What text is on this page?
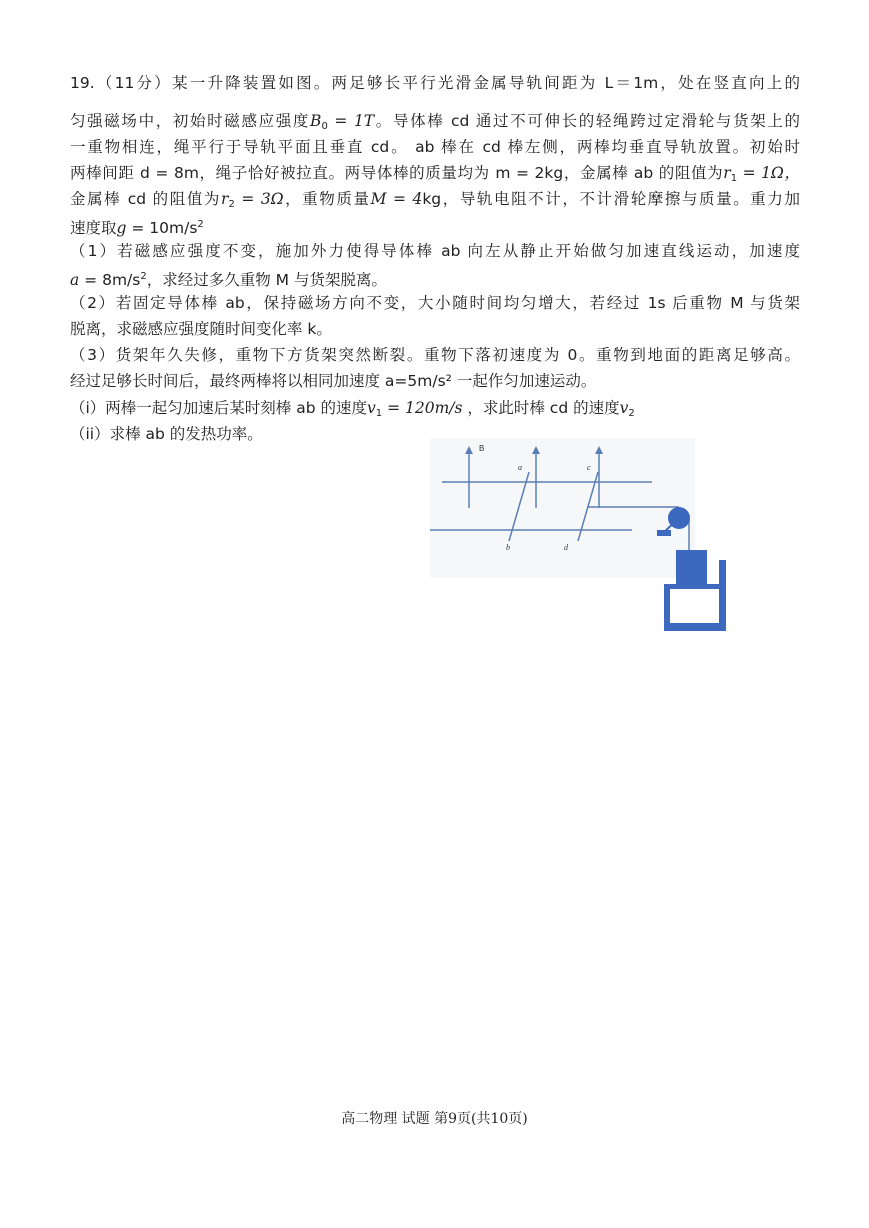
19.（11分）某一升降装置如图。两足够长平行光滑金属导轨间距为 L＝1m，处在竖直向上的
匀强磁场中，初始时磁感应强度$B_0 = 1T$。导体棒 cd 通过不可伸长的轻绳跨过定滑轮与货架上的
一重物相连，绳平行于导轨平面且垂直 cd。 ab 棒在 cd 棒左侧，两棒均垂直导轨放置。初始时
两棒间距 d = 8m，绳子恰好被拉直。两导体棒的质量均为 m = 2kg，金属棒 ab 的阻值为$r_1 = 1\Omega$，
金属棒 cd 的阻值为$r_2 = 3\Omega$，重物质量M = 4kg，导轨电阻不计，不计滑轮摩擦与质量。重力加
速度取$g = 10m/s^2$
（1）若磁感应强度不变，施加外力使得导体棒 ab 向左从静止开始做匀加速直线运动，加速度
$a = 8m/s^2$，求经过多久重物 M 与货架脱离。
（2）若固定导体棒 ab，保持磁场方向不变，大小随时间均匀增大，若经过 1s 后重物 M 与货架
脱离，求磁感应强度随时间变化率 k。
（3）货架年久失修，重物下方货架突然断裂。重物下落初速度为 0。重物到地面的距离足够高。
经过足够长时间后，最终两棒将以相同加速度 a=5m/s² 一起作匀加速运动。
（i）两棒一起匀加速后某时刻棒 ab 的速度$v_1 = 120m/s$ ，求此时棒 cd 的速度$v_2$
（ii）求棒 ab 的发热功率。
B
a
b
c
d
高二物理 试题 第9页(共10页)
